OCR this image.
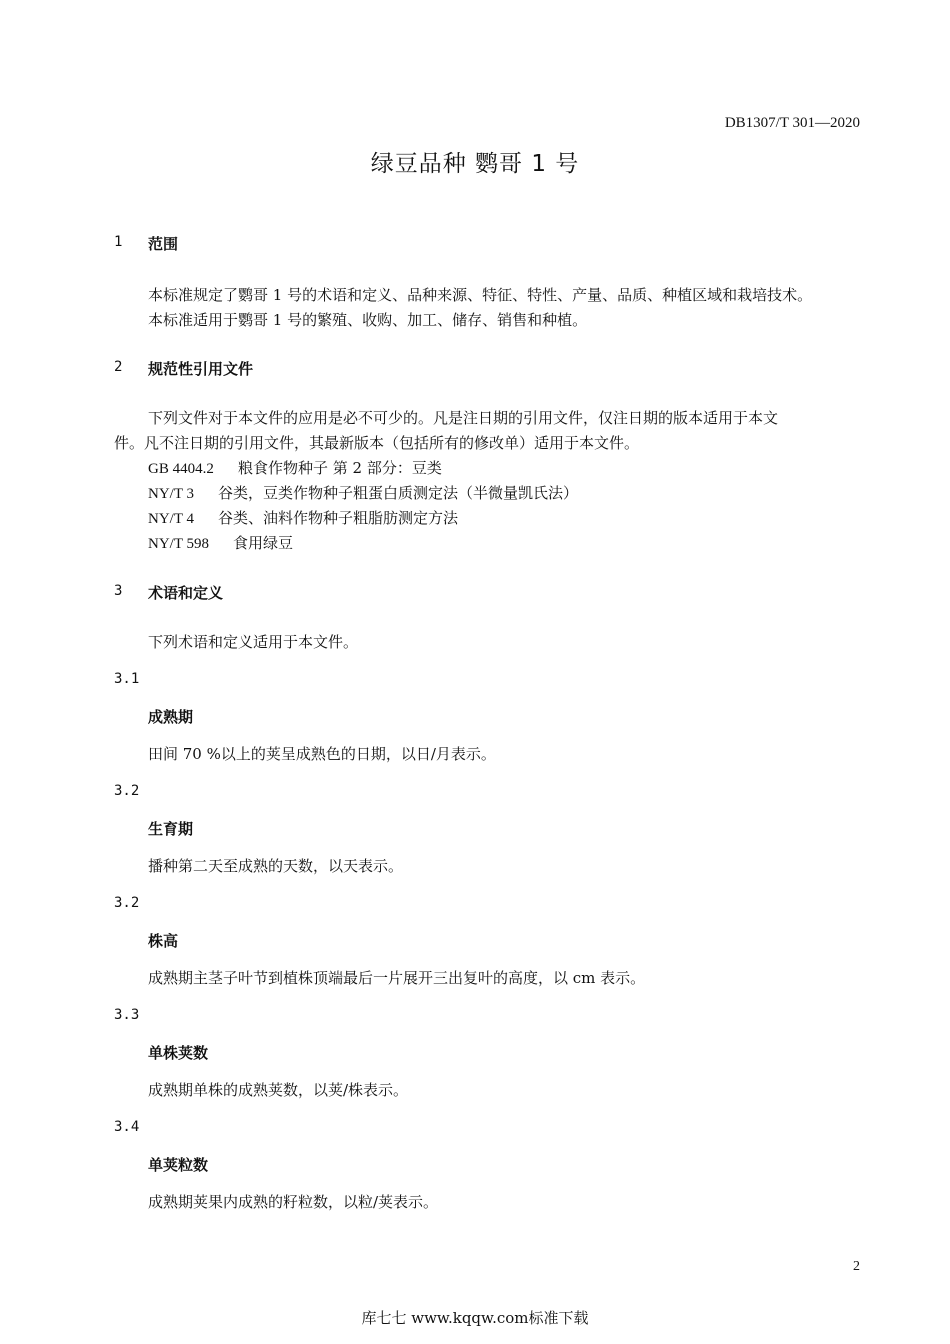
DB1307/T 301—2020
绿豆品种 鹦哥 1 号
1 范围
本标准规定了鹦哥 1 号的术语和定义、品种来源、特征、特性、产量、品质、种植区域和栽培技术。
本标准适用于鹦哥 1 号的繁殖、收购、加工、储存、销售和种植。
2 规范性引用文件
下列文件对于本文件的应用是必不可少的。凡是注日期的引用文件，仅注日期的版本适用于本文
件。凡不注日期的引用文件，其最新版本（包括所有的修改单）适用于本文件。
GB 4404.2 粮食作物种子 第 2 部分：豆类
NY/T 3 谷类，豆类作物种子粗蛋白质测定法（半微量凯氏法）
NY/T 4 谷类、油料作物种子粗脂肪测定方法
NY/T 598 食用绿豆
3 术语和定义
下列术语和定义适用于本文件。
3.1
成熟期
田间 70 %以上的荚呈成熟色的日期，以日/月表示。
3.2
生育期
播种第二天至成熟的天数，以天表示。
3.2
株高
成熟期主茎子叶节到植株顶端最后一片展开三出复叶的高度，以 cm 表示。
3.3
单株荚数
成熟期单株的成熟荚数，以荚/株表示。
3.4
单荚粒数
成熟期荚果内成熟的籽粒数，以粒/荚表示。
2
库七七 www.kqqw.com标准下载
